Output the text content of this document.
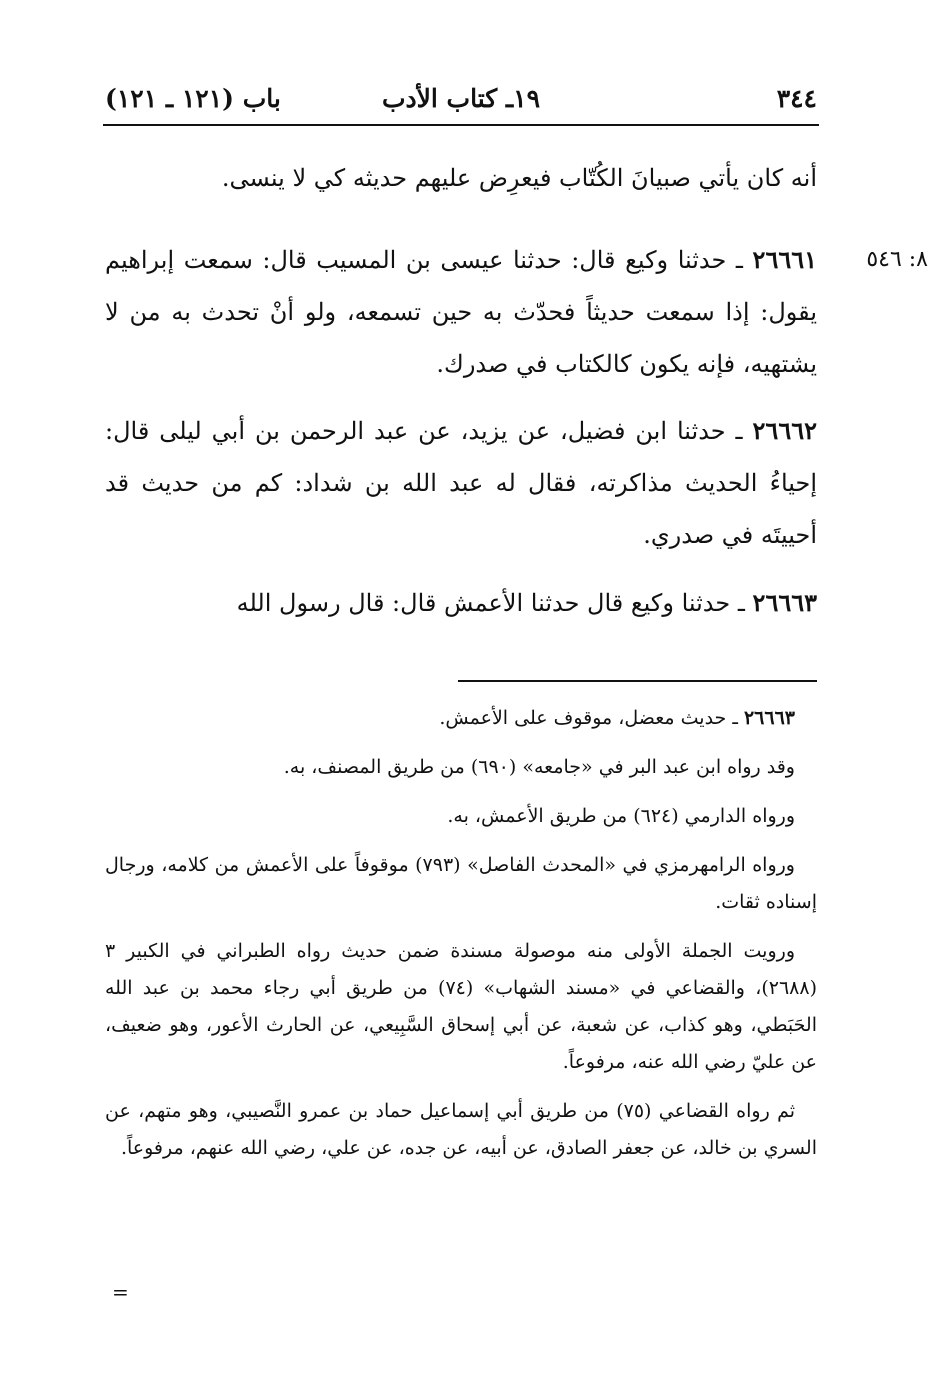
٣٤٤
١٩ـ كتاب الأدب
باب (١٢١ ـ ١٢١)
٨: ٥٤٦
أنه كان يأتي صبيانَ الكُتّاب فيعرِض عليهم حديثه كي لا ينسى.
٢٦٦٦١ ـ حدثنا وكيع قال: حدثنا عيسى بن المسيب قال: سمعت إبراهيم يقول: إذا سمعت حديثاً فحدّث به حين تسمعه، ولو أنْ تحدث به من لا يشتهيه، فإنه يكون كالكتاب في صدرك.
٢٦٦٦٢ ـ حدثنا ابن فضيل، عن يزيد، عن عبد الرحمن بن أبي ليلى قال: إحياءُ الحديث مذاكرته، فقال له عبد الله بن شداد: كم من حديث قد أحييتَه في صدري.
٢٦٦٦٣ ـ حدثنا وكيع قال حدثنا الأعمش قال: قال رسول الله

٢٦٦٦٣ ـ حديث معضل، موقوف على الأعمش.

وقد رواه ابن عبد البر في «جامعه» (٦٩٠) من طريق المصنف، به.

ورواه الدارمي (٦٢٤) من طريق الأعمش، به.

ورواه الرامهرمزي في «المحدث الفاصل» (٧٩٣) موقوفاً على الأعمش من كلامه، ورجال إسناده ثقات.

ورويت الجملة الأولى منه موصولة مسندة ضمن حديث رواه الطبراني في الكبير ٣ (٢٦٨٨)، والقضاعي في «مسند الشهاب» (٧٤) من طريق أبي رجاء محمد بن عبد الله الحَبَطي، وهو كذاب، عن شعبة، عن أبي إسحاق السَّبِيعي، عن الحارث الأعور، وهو ضعيف، عن عليّ رضي الله عنه، مرفوعاً.

ثم رواه القضاعي (٧٥) من طريق أبي إسماعيل حماد بن عمرو النَّصيبي، وهو متهم، عن السري بن خالد، عن جعفر الصادق، عن أبيه، عن جده، عن علي، رضي الله عنهم، مرفوعاً.

=
